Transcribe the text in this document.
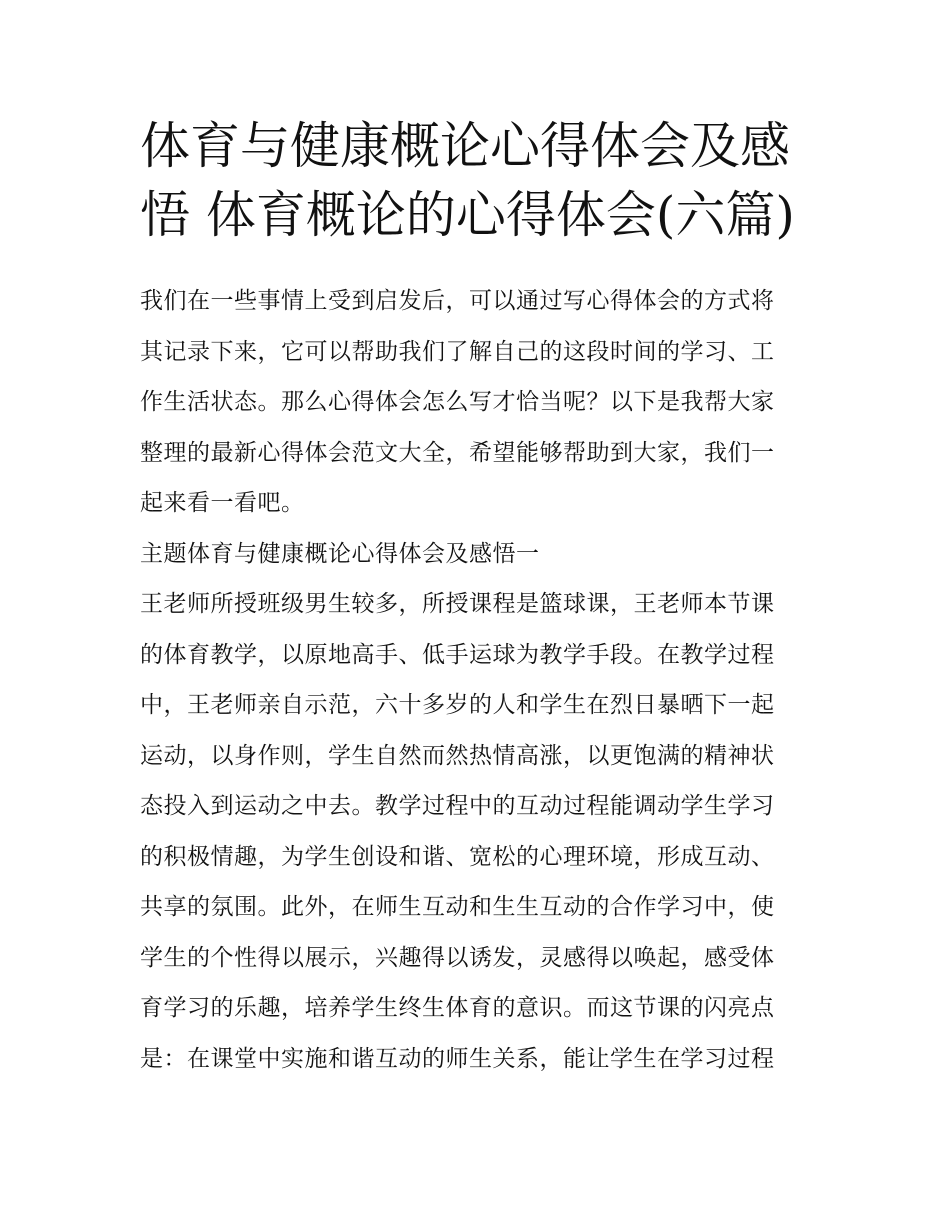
体育与健康概论心得体会及感
悟 体育概论的心得体会(六篇)
我们在一些事情上受到启发后，可以通过写心得体会的方式将
其记录下来，它可以帮助我们了解自己的这段时间的学习、工
作生活状态。那么心得体会怎么写才恰当呢？以下是我帮大家
整理的最新心得体会范文大全，希望能够帮助到大家，我们一
起来看一看吧。
主题体育与健康概论心得体会及感悟一
王老师所授班级男生较多，所授课程是篮球课，王老师本节课
的体育教学，以原地高手、低手运球为教学手段。在教学过程
中，王老师亲自示范，六十多岁的人和学生在烈日暴晒下一起
运动，以身作则，学生自然而然热情高涨，以更饱满的精神状
态投入到运动之中去。教学过程中的互动过程能调动学生学习
的积极情趣，为学生创设和谐、宽松的心理环境，形成互动、
共享的氛围。此外，在师生互动和生生互动的合作学习中，使
学生的个性得以展示，兴趣得以诱发，灵感得以唤起，感受体
育学习的乐趣，培养学生终生体育的意识。而这节课的闪亮点
是：在课堂中实施和谐互动的师生关系，能让学生在学习过程
